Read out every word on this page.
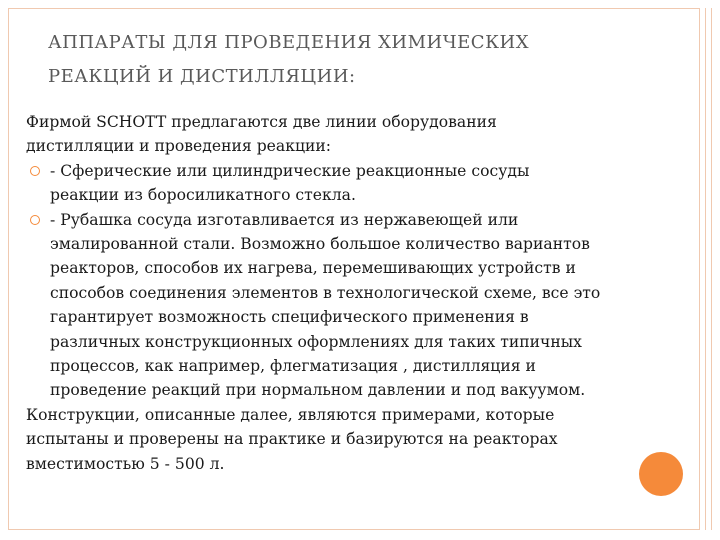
АППАРАТЫ ДЛЯ ПРОВЕДЕНИЯ ХИМИЧЕСКИХ
РЕАКЦИЙ И ДИСТИЛЛЯЦИИ:

Фирмой SCHOTT предлагаются две линии оборудования
дистилляции и проведения реакции:

- Сферические или цилиндрические реакционные сосуды
реакции из боросиликатного стекла.
- Рубашка сосуда изготавливается из нержавеющей или
эмалированной стали. Возможно большое количество вариантов
реакторов, способов их нагрева, перемешивающих устройств и
способов соединения элементов в технологической схеме, все это
гарантирует возможность специфического применения в
различных конструкционных оформлениях для таких типичных
процессов, как например, флегматизация , дистилляция и
проведение реакций при нормальном давлении и под вакуумом.

Конструкции, описанные далее, являются примерами, которые
испытаны и проверены на практике и базируются на реакторах
вместимостью 5 - 500 л.
